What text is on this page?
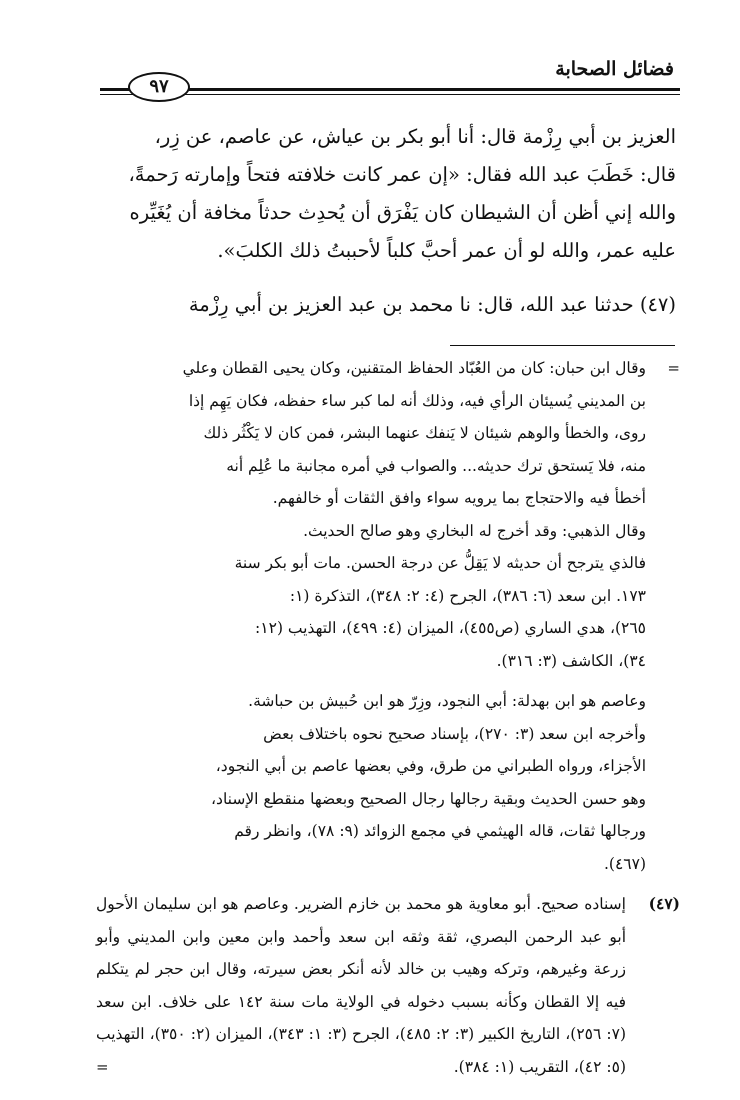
فضائل الصحابة
٩٧

العزيز بن أبي رِزْمة قال: أنا أبو بكر بن عياش، عن عاصم، عن زِر،

قال: خَطَبَ عبد الله فقال: «إن عمر كانت خلافته فتحاً وإمارته رَحمةً،

والله إني أظن أن الشيطان كان يَفْرَق أن يُحدِث حدثاً مخافة أن يُغَيِّره

عليه عمر، والله لو أن عمر أحبَّ كلباً لأحببتُ ذلك الكلبَ».

(٤٧) حدثنا عبد الله، قال: نا محمد بن عبد العزيز بن أبي رِزْمة

=
وقال ابن حبان: كان من العُبّاد الحفاظ المتقنين، وكان يحيى القطان وعلي
بن المديني يُسيئان الرأي فيه، وذلك أنه لما كبر ساء حفظه، فكان يَهِم إذا
روى، والخطأ والوهم شيئان لا يَنفك عنهما البشر، فمن كان لا يَكْثُر ذلك
منه، فلا يَستحق ترك حديثه... والصواب في أمره مجانبة ما عُلِم أنه
أخطأ فيه والاحتجاج بما يرويه سواء وافق الثقات أو خالفهم.
وقال الذهبي: وقد أخرج له البخاري وهو صالح الحديث.
فالذي يترجح أن حديثه لا يَقِلُّ عن درجة الحسن. مات أبو بكر سنة
١٧٣. ابن سعد (٦: ٣٨٦)، الجرح (٤: ٢: ٣٤٨)، التذكرة (١:
٢٦٥)، هدي الساري (ص٤٥٥)، الميزان (٤: ٤٩٩)، التهذيب (١٢:
٣٤)، الكاشف (٣: ٣١٦).
وعاصم هو ابن بهدلة: أبي النجود، وزِرّ هو ابن حُبيش بن حباشة.
وأخرجه ابن سعد (٣: ٢٧٠)، بإسناد صحيح نحوه باختلاف بعض
الأجزاء، ورواه الطبراني من طرق، وفي بعضها عاصم بن أبي النجود،
وهو حسن الحديث وبقية رجالها رجال الصحيح وبعضها منقطع الإسناد،
ورجالها ثقات، قاله الهيثمي في مجمع الزوائد (٩: ٧٨)، وانظر رقم
(٤٦٧).
(٤٧)
إسناده صحيح. أبو معاوية هو محمد بن خازم الضرير. وعاصم هو ابن سليمان الأحول أبو عبد الرحمن البصري، ثقة وثقه ابن سعد وأحمد وابن معين وابن المديني وأبو زرعة وغيرهم، وتركه وهيب بن خالد لأنه أنكر بعض سيرته، وقال ابن حجر لم يتكلم فيه إلا القطان وكأنه بسبب دخوله في الولاية مات سنة ١٤٢ على خلاف. ابن سعد (٧: ٢٥٦)، التاريخ الكبير (٣: ٢: ٤٨٥)، الجرح (٣: ١: ٣٤٣)، الميزان (٢: ٣٥٠)، التهذيب (٥: ٤٢)، التقريب (١: ٣٨٤).
=
